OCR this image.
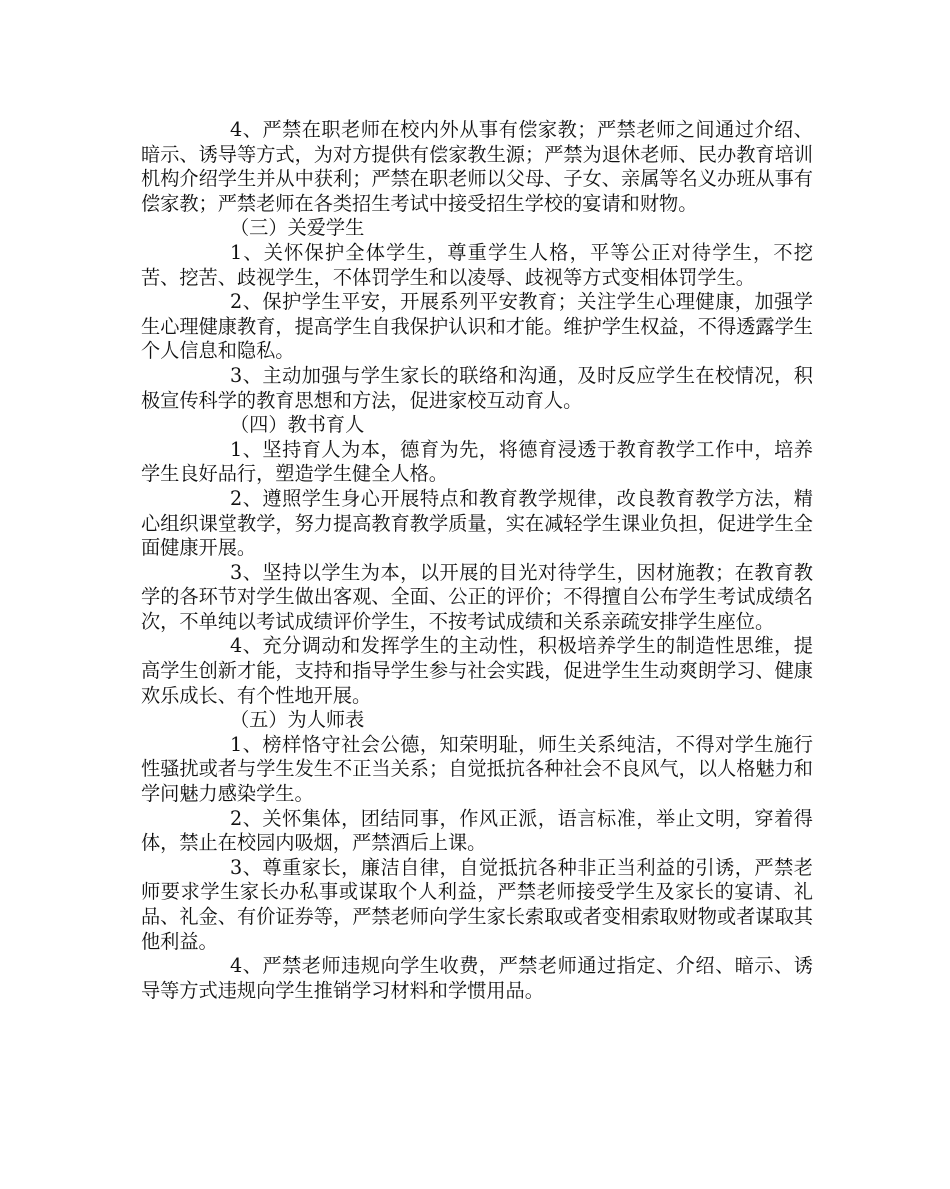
4、严禁在职老师在校内外从事有偿家教；严禁老师之间通过介绍、暗示、诱导等方式，为对方提供有偿家教生源；严禁为退休老师、民办教育培训机构介绍学生并从中获利；严禁在职老师以父母、子女、亲属等名义办班从事有偿家教；严禁老师在各类招生考试中接受招生学校的宴请和财物。

（三）关爱学生

1、关怀保护全体学生，尊重学生人格，平等公正对待学生，不挖苦、挖苦、歧视学生，不体罚学生和以凌辱、歧视等方式变相体罚学生。

2、保护学生平安，开展系列平安教育；关注学生心理健康，加强学生心理健康教育，提高学生自我保护认识和才能。维护学生权益，不得透露学生个人信息和隐私。

3、主动加强与学生家长的联络和沟通，及时反应学生在校情况，积极宣传科学的教育思想和方法，促进家校互动育人。

（四）教书育人

1、坚持育人为本，德育为先，将德育浸透于教育教学工作中，培养学生良好品行，塑造学生健全人格。

2、遵照学生身心开展特点和教育教学规律，改良教育教学方法，精心组织课堂教学，努力提高教育教学质量，实在减轻学生课业负担，促进学生全面健康开展。

3、坚持以学生为本，以开展的目光对待学生，因材施教；在教育教学的各环节对学生做出客观、全面、公正的评价；不得擅自公布学生考试成绩名次，不单纯以考试成绩评价学生，不按考试成绩和关系亲疏安排学生座位。

4、充分调动和发挥学生的主动性，积极培养学生的制造性思维，提高学生创新才能，支持和指导学生参与社会实践，促进学生生动爽朗学习、健康欢乐成长、有个性地开展。

（五）为人师表

1、榜样恪守社会公德，知荣明耻，师生关系纯洁，不得对学生施行性骚扰或者与学生发生不正当关系；自觉抵抗各种社会不良风气，以人格魅力和学问魅力感染学生。

2、关怀集体，团结同事，作风正派，语言标准，举止文明，穿着得体，禁止在校园内吸烟，严禁酒后上课。

3、尊重家长，廉洁自律，自觉抵抗各种非正当利益的引诱，严禁老师要求学生家长办私事或谋取个人利益，严禁老师接受学生及家长的宴请、礼品、礼金、有价证券等，严禁老师向学生家长索取或者变相索取财物或者谋取其他利益。

4、严禁老师违规向学生收费，严禁老师通过指定、介绍、暗示、诱导等方式违规向学生推销学习材料和学惯用品。
